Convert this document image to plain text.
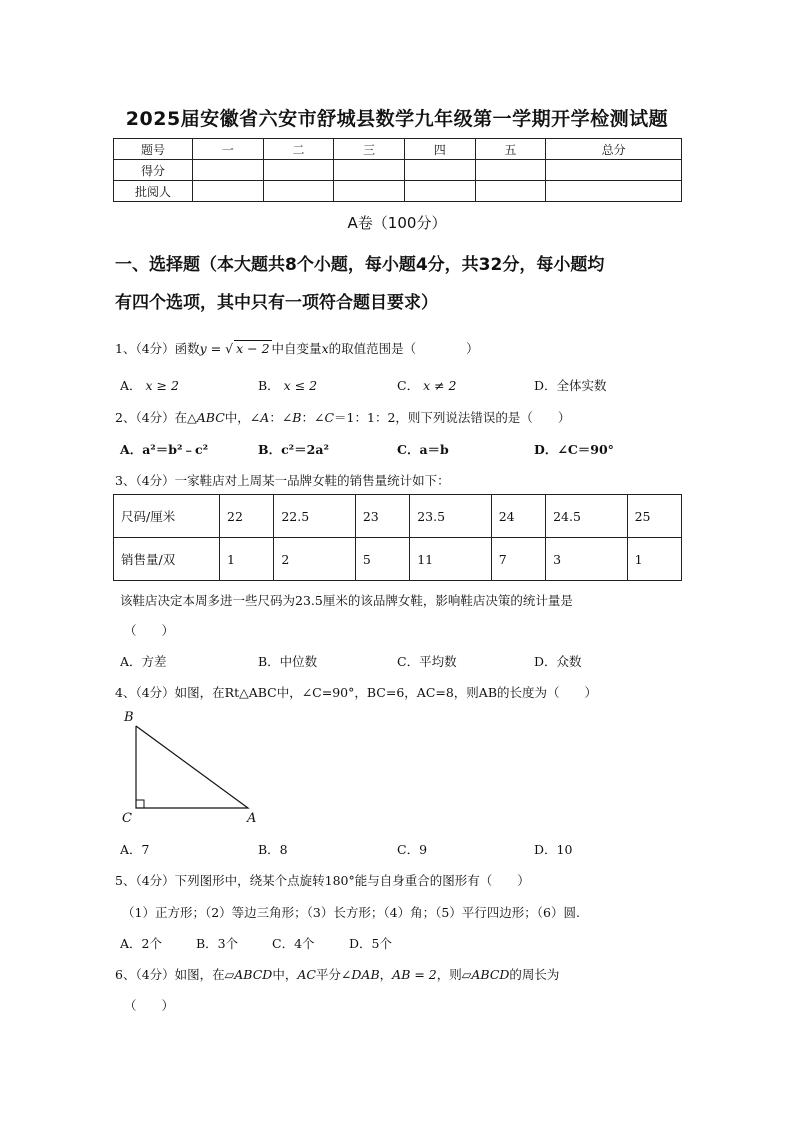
2025届安徽省六安市舒城县数学九年级第一学期开学检测试题
题号	一	二	三	四	五	总分
得分						
批阅人						
A卷（100分）
一、选择题（本大题共8个小题，每小题4分，共32分，每小题均
有四个选项，其中只有一项符合题目要求）
1、（4分）函数y = √ x − 2 中自变量x的取值范围是（　　　　）
A． x ≥ 2	B． x ≤ 2	C． x ≠ 2	D．全体实数
2、（4分）在△ABC中，∠A：∠B：∠C＝1：1：2，则下列说法错误的是（　　）
A．a²＝b²﹣c²	B．c²＝2a²	C．a＝b	D．∠C＝90°
3、（4分）一家鞋店对上周某一品牌女鞋的销售量统计如下：
尺码/厘米	22	22.5	23	23.5	24	24.5	25
销售量/双	1	2	5	11	7	3	1
该鞋店决定本周多进一些尺码为23.5厘米的该品牌女鞋，影响鞋店决策的统计量是
（　　）
A．方差	B．中位数	C．平均数	D．众数
4、（4分）如图，在Rt△ABC中，∠C=90°，BC=6，AC=8，则AB的长度为（　　）
B
C	A
A．7	B．8	C．9	D．10
5、（4分）下列图形中，绕某个点旋转180°能与自身重合的图形有（　　）
（1）正方形；（2）等边三角形；（3）长方形；（4）角；（5）平行四边形；（6）圆.
A．2个	B．3个	C．4个	D．5个
6、（4分）如图，在▱ABCD中，AC平分∠DAB，AB = 2，则▱ABCD的周长为
（　　）
